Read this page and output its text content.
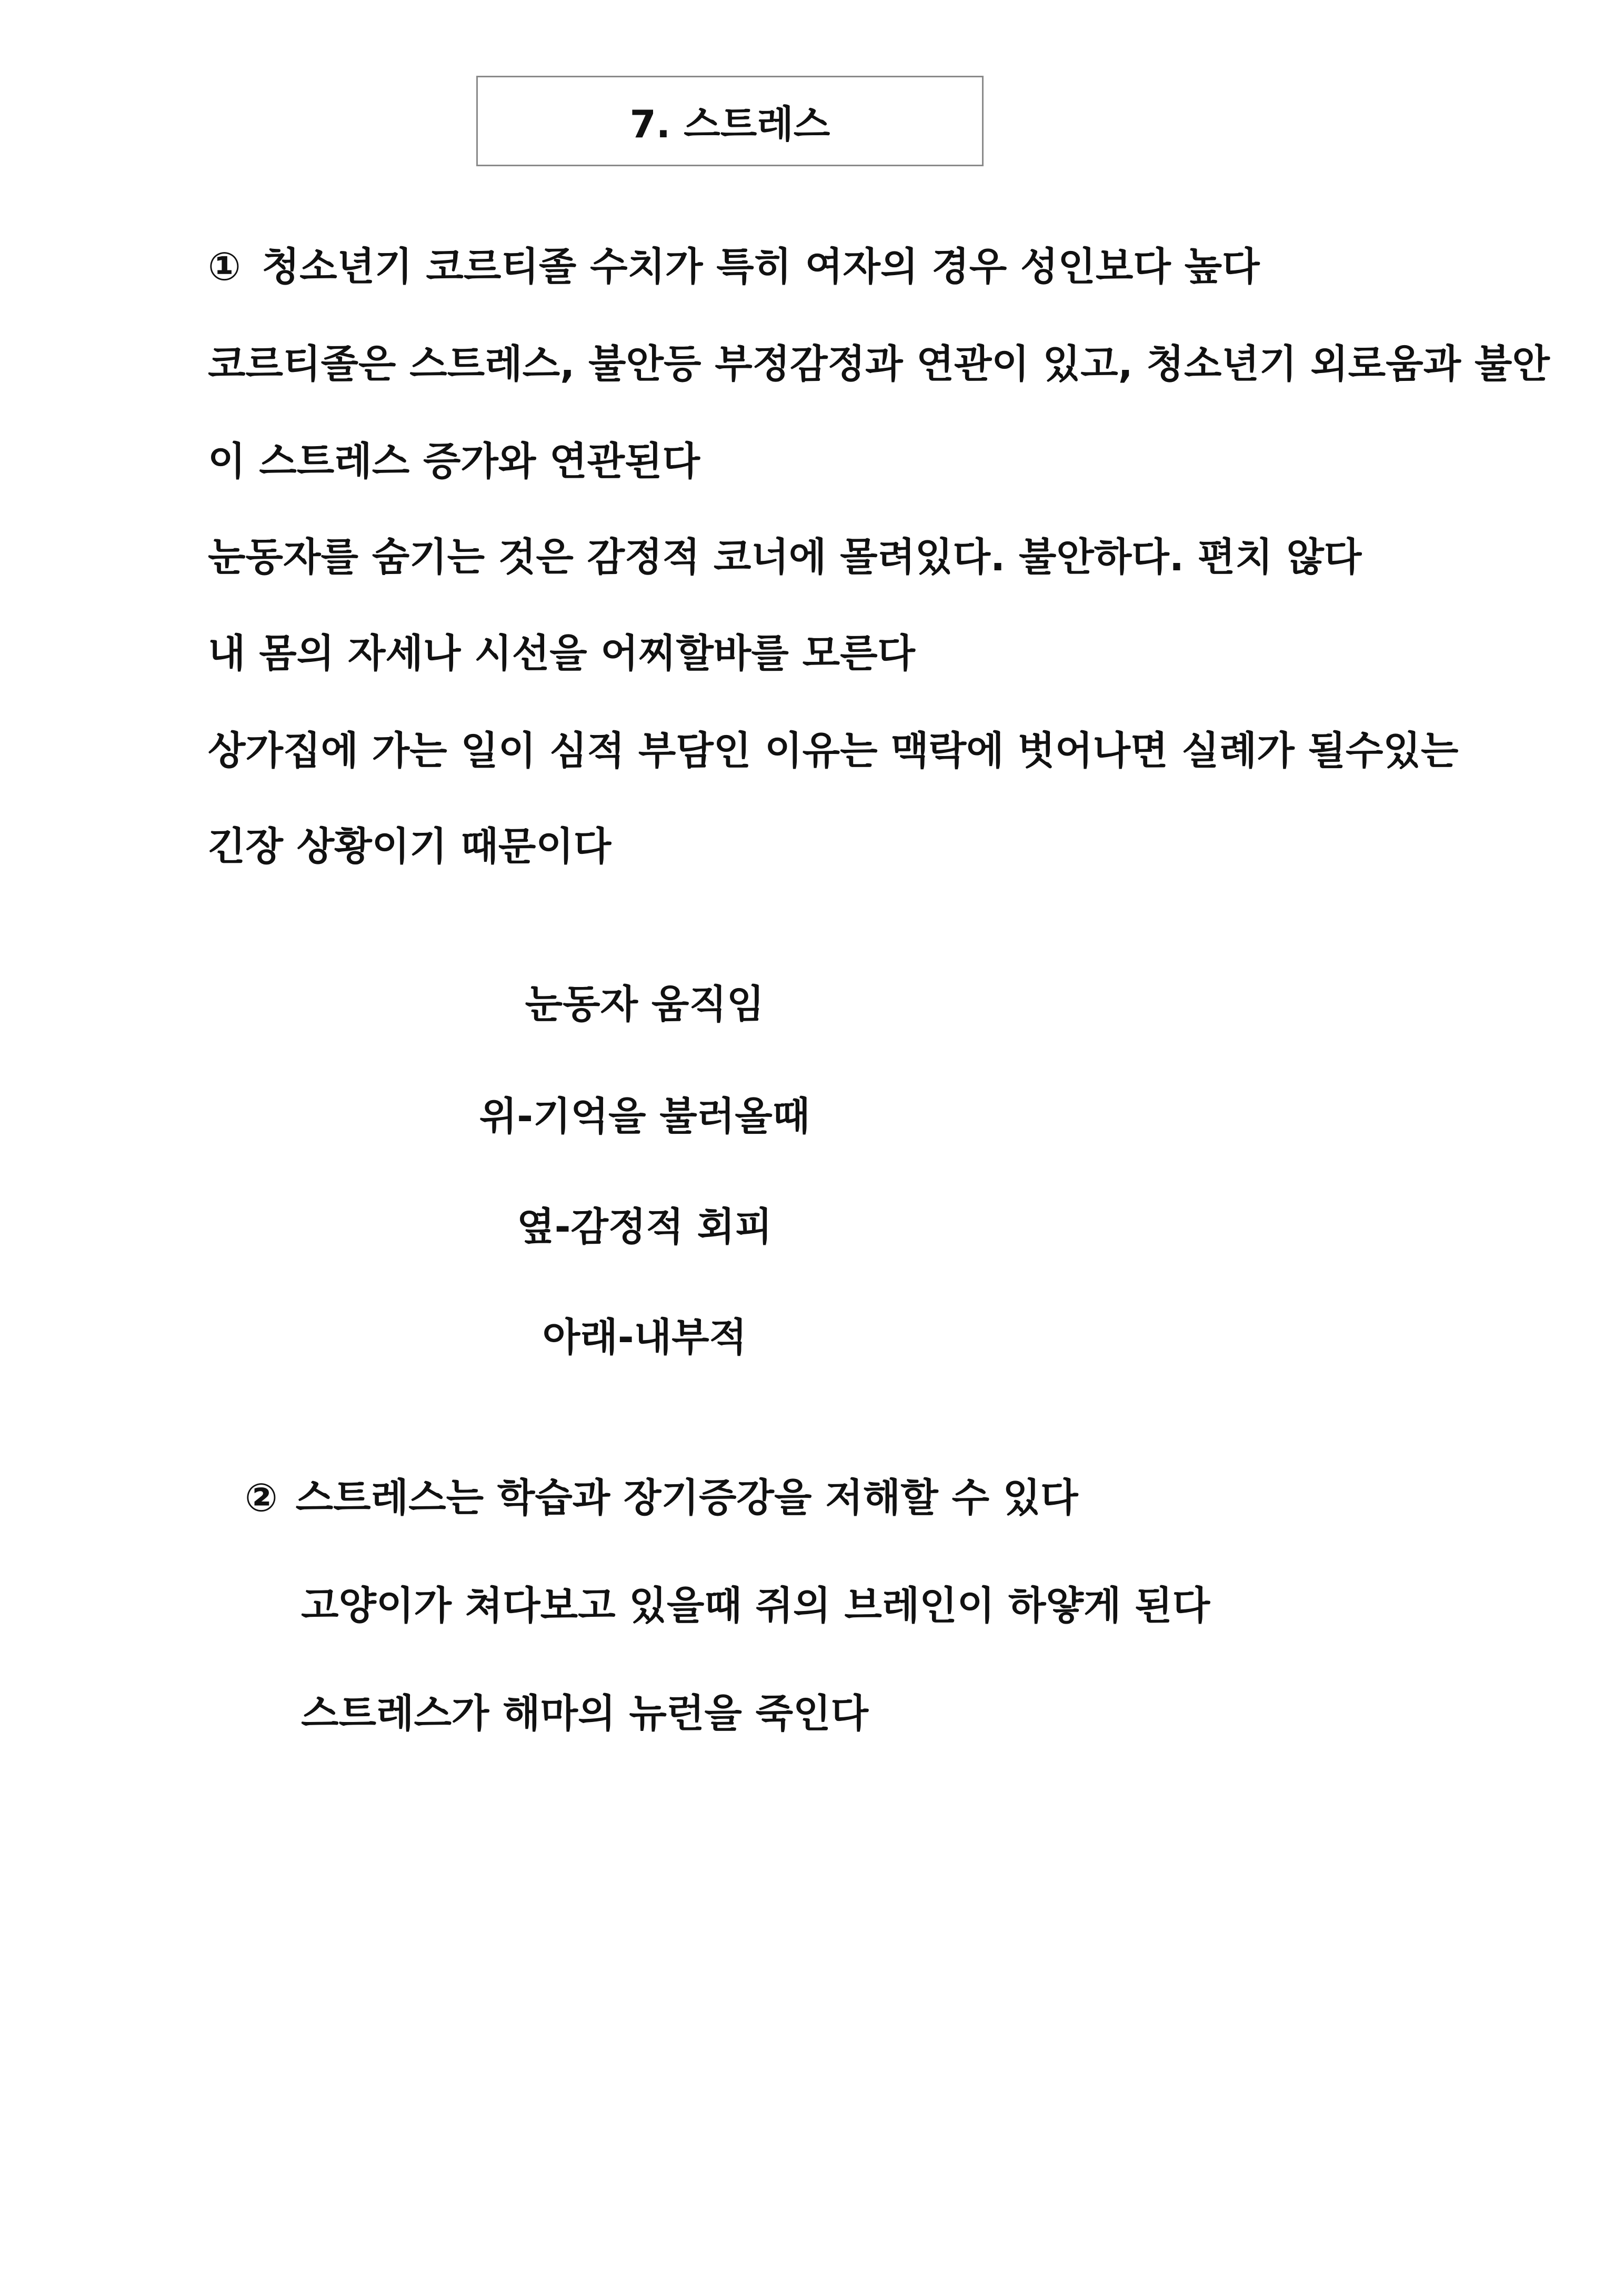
7. 스트레스
① 청소년기 코르티졸 수치가 특히 여자의 경우 성인보다 높다
코르티졸은 스트레스, 불안등 부정감정과 연관이 있고, 청소년기 외로움과 불안
이 스트레스 증가와 연관된다
눈동자를 숨기는 것은 감정적 코너에 몰려있다. 불안하다. 편치 않다
내 몸의 자세나 시선을 어찌할바를 모른다
상가집에 가는 일이 심적 부담인 이유는 맥락에 벗어나면 실례가 될수있는
긴장 상황이기 때문이다
눈동자 움직임
위-기억을 불러올때
옆-감정적 회피
아래-내부적
② 스트레스는 학습과 장기증강을 저해할 수 있다
고양이가 쳐다보고 있을때 쥐의 브레인이 하얗게 된다
스트레스가 해마의 뉴런을 죽인다
